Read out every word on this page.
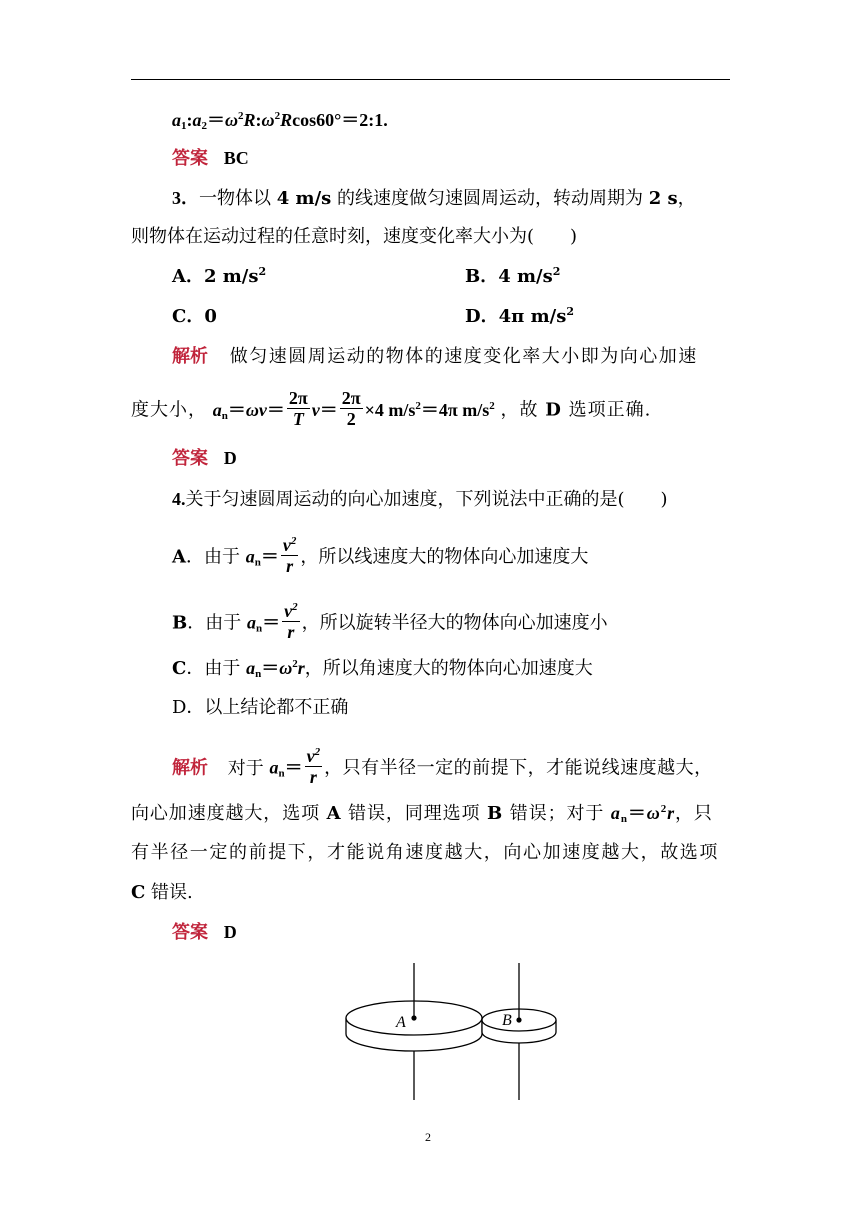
$a_1:a_2=\omega^2R:\omega^2Rcos60^\circ=2:1$.
答案 BC
3．一物体以 4 m/s 的线速度做匀速圆周运动，转动周期为 2 s，
则物体在运动过程的任意时刻，速度变化率大小为( )
A．2 $m/s^2$	B．4 $m/s^2$
C．0	D．4π $m/s^2$
解析 做匀速圆周运动的物体的速度变化率大小即为向心加速
度大小， $a_n=\omega v= \frac{2\pi}{T} v= \frac{2\pi}{2} \times 4$ $m/s^2=4\pi$ $m/s^2$ ，故 D 选项正确.
答案 D
4.关于匀速圆周运动的向心加速度，下列说法中正确的是(　　)
A．由于 $a_n= \frac{v^2}{r}$ ，所以线速度大的物体向心加速度大
B．由于 $a_n= \frac{v^2}{r}$ ，所以旋转半径大的物体向心加速度小
C．由于 $a_n=\omega^2r$，所以角速度大的物体向心加速度大
D．以上结论都不正确
解析 对于 $a_n= \frac{v^2}{r}$ ，只有半径一定的前提下，才能说线速度越大，
向心加速度越大，选项 A 错误，同理选项 B 错误；对于 $a_n=\omega^2r$，只
有半径一定的前提下，才能说角速度越大，向心加速度越大，故选项
C 错误.
答案 D
A	B
2
